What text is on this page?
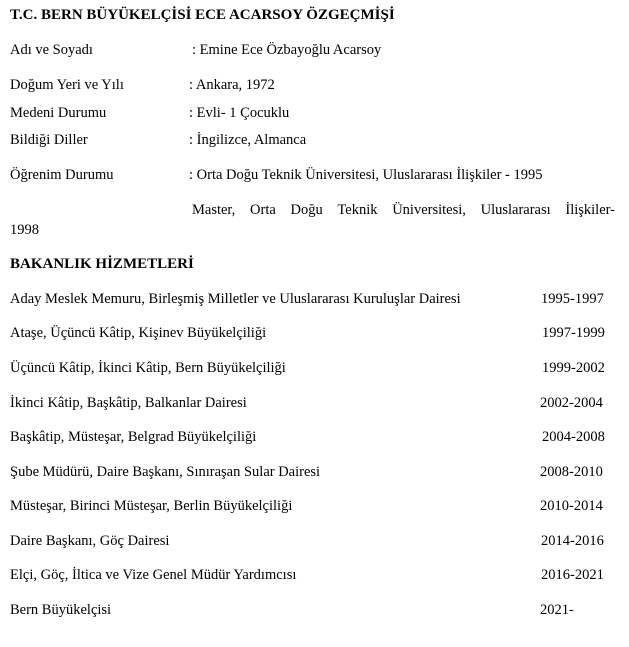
T.C. BERN BÜYÜKELÇİSİ ECE ACARSOY ÖZGEÇMİŞİ
Adı ve Soyadı	: Emine Ece Özbayoğlu Acarsoy
Doğum Yeri ve Yılı	: Ankara, 1972
Medeni Durumu	: Evli- 1 Çocuklu
Bildiği Diller	: İngilizce, Almanca
Öğrenim Durumu	: Orta Doğu Teknik Üniversitesi, Uluslararası İlişkiler - 1995
Master, Orta Doğu Teknik Üniversitesi, Uluslararası İlişkiler-
1998
BAKANLIK HİZMETLERİ
Aday Meslek Memuru, Birleşmiş Milletler ve Uluslararası Kuruluşlar Dairesi	1995-1997
Ataşe, Üçüncü Kâtip, Kişinev Büyükelçiliği	1997-1999
Üçüncü Kâtip, İkinci Kâtip, Bern Büyükelçiliği	1999-2002
İkinci Kâtip, Başkâtip, Balkanlar Dairesi	2002-2004
Başkâtip, Müsteşar, Belgrad Büyükelçiliği	2004-2008
Şube Müdürü, Daire Başkanı, Sınıraşan Sular Dairesi	2008-2010
Müsteşar, Birinci Müsteşar, Berlin Büyükelçiliği	2010-2014
Daire Başkanı, Göç Dairesi	2014-2016
Elçi, Göç, İltica ve Vize Genel Müdür Yardımcısı	2016-2021
Bern Büyükelçisi	2021-
